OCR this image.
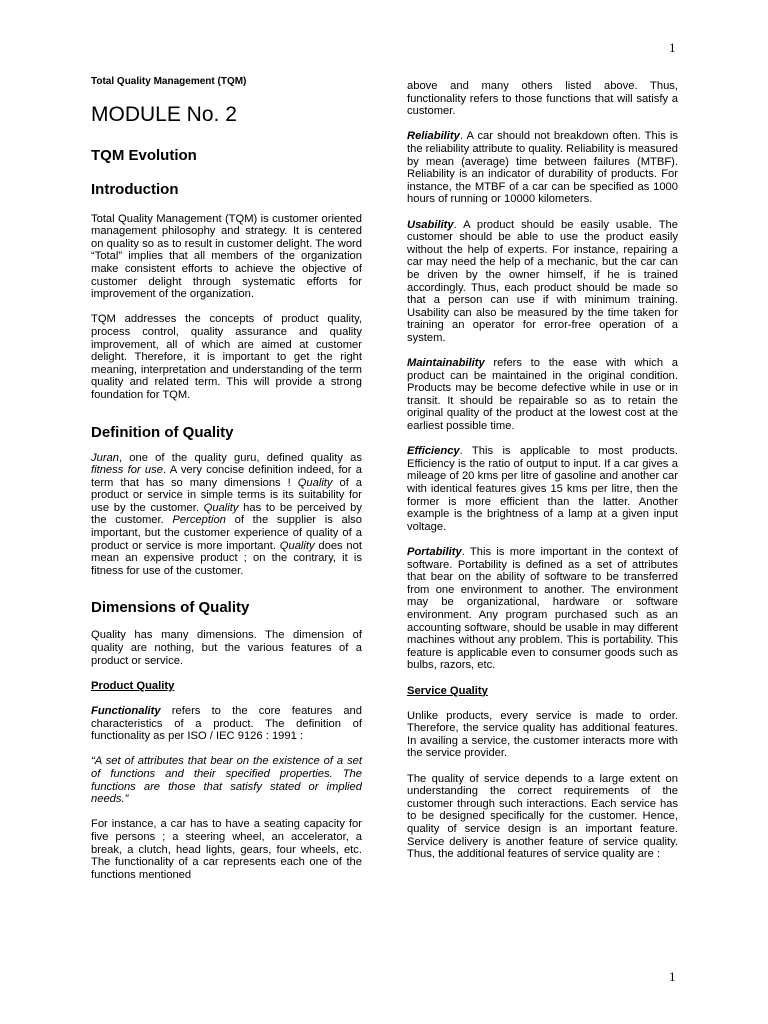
1
Total Quality Management (TQM)
MODULE No. 2
TQM Evolution
Introduction

Total Quality Management (TQM) is customer oriented management philosophy and strategy. It is centered on quality so as to result in customer delight. The word “Total” implies that all members of the organization make consistent efforts to achieve the objective of customer delight through systematic efforts for improvement of the organization.

TQM addresses the concepts of product quality, process control, quality assurance and quality improvement, all of which are aimed at customer delight. Therefore, it is important to get the right meaning, interpretation and understanding of the term quality and related term. This will provide a strong foundation for TQM.

Definition of Quality

Juran, one of the quality guru, defined quality as fitness for use. A very concise definition indeed, for a term that has so many dimensions ! Quality of a product or service in simple terms is its suitability for use by the customer. Quality has to be perceived by the customer. Perception of the supplier is also important, but the customer experience of quality of a product or service is more important. Quality does not mean an expensive product ; on the contrary, it is fitness for use of the customer.

Dimensions of Quality

Quality has many dimensions. The dimension of quality are nothing, but the various features of a product or service.

Product Quality

Functionality refers to the core features and characteristics of a product. The definition of functionality as per ISO / IEC 9126 : 1991 :

“A set of attributes that bear on the existence of a set of functions and their specified properties. The functions are those that satisfy stated or implied needs.”

For instance, a car has to have a seating capacity for five persons ; a steering wheel, an accelerator, a break, a clutch, head lights, gears, four wheels, etc. The functionality of a car represents each one of the functions mentioned

above and many others listed above. Thus, functionality refers to those functions that will satisfy a customer.

Reliability. A car should not breakdown often. This is the reliability attribute to quality. Reliability is measured by mean (average) time between failures (MTBF). Reliability is an indicator of durability of products. For instance, the MTBF of a car can be specified as 1000 hours of running or 10000 kilometers.

Usability. A product should be easily usable. The customer should be able to use the product easily without the help of experts. For instance, repairing a car may need the help of a mechanic, but the car can be driven by the owner himself, if he is trained accordingly. Thus, each product should be made so that a person can use if with minimum training. Usability can also be measured by the time taken for training an operator for error-free operation of a system.

Maintainability refers to the ease with which a product can be maintained in the original condition. Products may be become defective while in use or in transit. It should be repairable so as to retain the original quality of the product at the lowest cost at the earliest possible time.

Efficiency. This is applicable to most products. Efficiency is the ratio of output to input. If a car gives a mileage of 20 kms per litre of gasoline and another car with identical features gives 15 kms per litre, then the former is more efficient than the latter. Another example is the brightness of a lamp at a given input voltage.

Portability. This is more important in the context of software. Portability is defined as a set of attributes that bear on the ability of software to be transferred from one environment to another. The environment may be organizational, hardware or software environment. Any program purchased such as an accounting software, should be usable in may different machines without any problem. This is portability. This feature is applicable even to consumer goods such as bulbs, razors, etc.

Service Quality

Unlike products, every service is made to order. Therefore, the service quality has additional features. In availing a service, the customer interacts more with the service provider.

The quality of service depends to a large extent on understanding the correct requirements of the customer through such interactions. Each service has to be designed specifically for the customer. Hence, quality of service design is an important feature. Service delivery is another feature of service quality. Thus, the additional features of service quality are :

1
